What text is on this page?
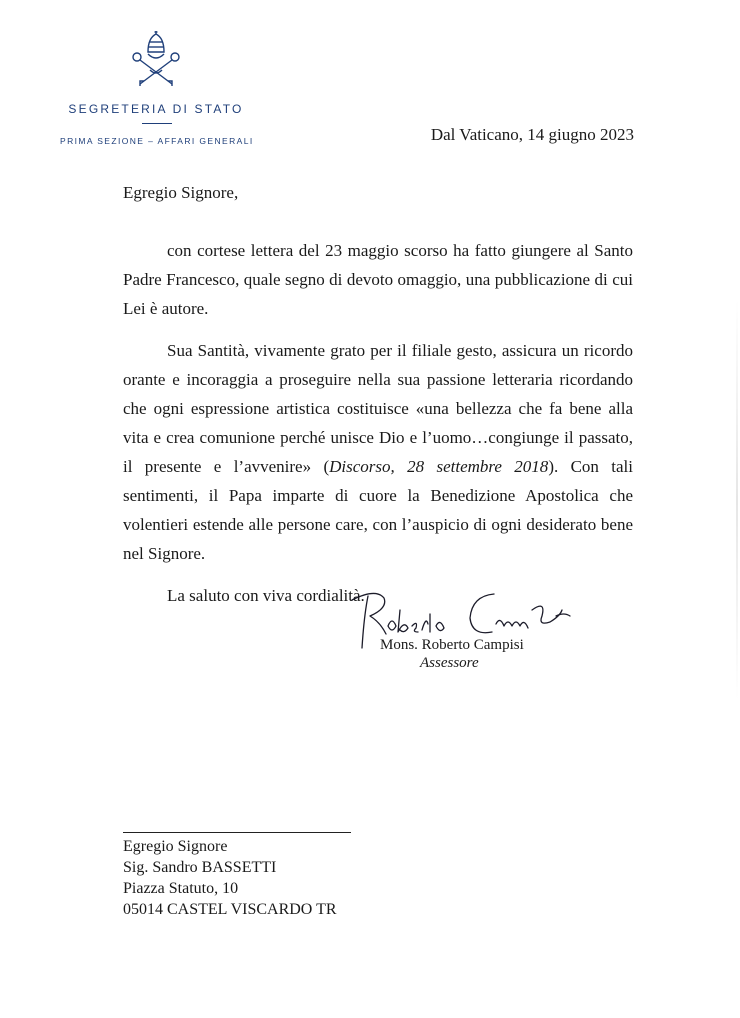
SEGRETERIA DI STATO
PRIMA SEZIONE – AFFARI GENERALI	Dal Vaticano, 14 giugno 2023
Egregio Signore,

con cortese lettera del 23 maggio scorso ha fatto giungere al Santo Padre Francesco, quale segno di devoto omaggio, una pubblicazione di cui Lei è autore.

Sua Santità, vivamente grato per il filiale gesto, assicura un ricordo orante e incoraggia a proseguire nella sua passione letteraria ricordando che ogni espressione artistica costituisce «una bellezza che fa bene alla vita e crea comunione perché unisce Dio e l’uomo…congiunge il passato, il presente e l’avvenire» (Discorso, 28 settembre 2018). Con tali sentimenti, il Papa imparte di cuore la Benedizione Apostolica che volentieri estende alle persone care, con l’auspicio di ogni desiderato bene nel Signore.

La saluto con viva cordialità.

Mons. Roberto Campisi
Assessore
Egregio Signore
Sig. Sandro BASSETTI
Piazza Statuto, 10
05014 CASTEL VISCARDO TR
